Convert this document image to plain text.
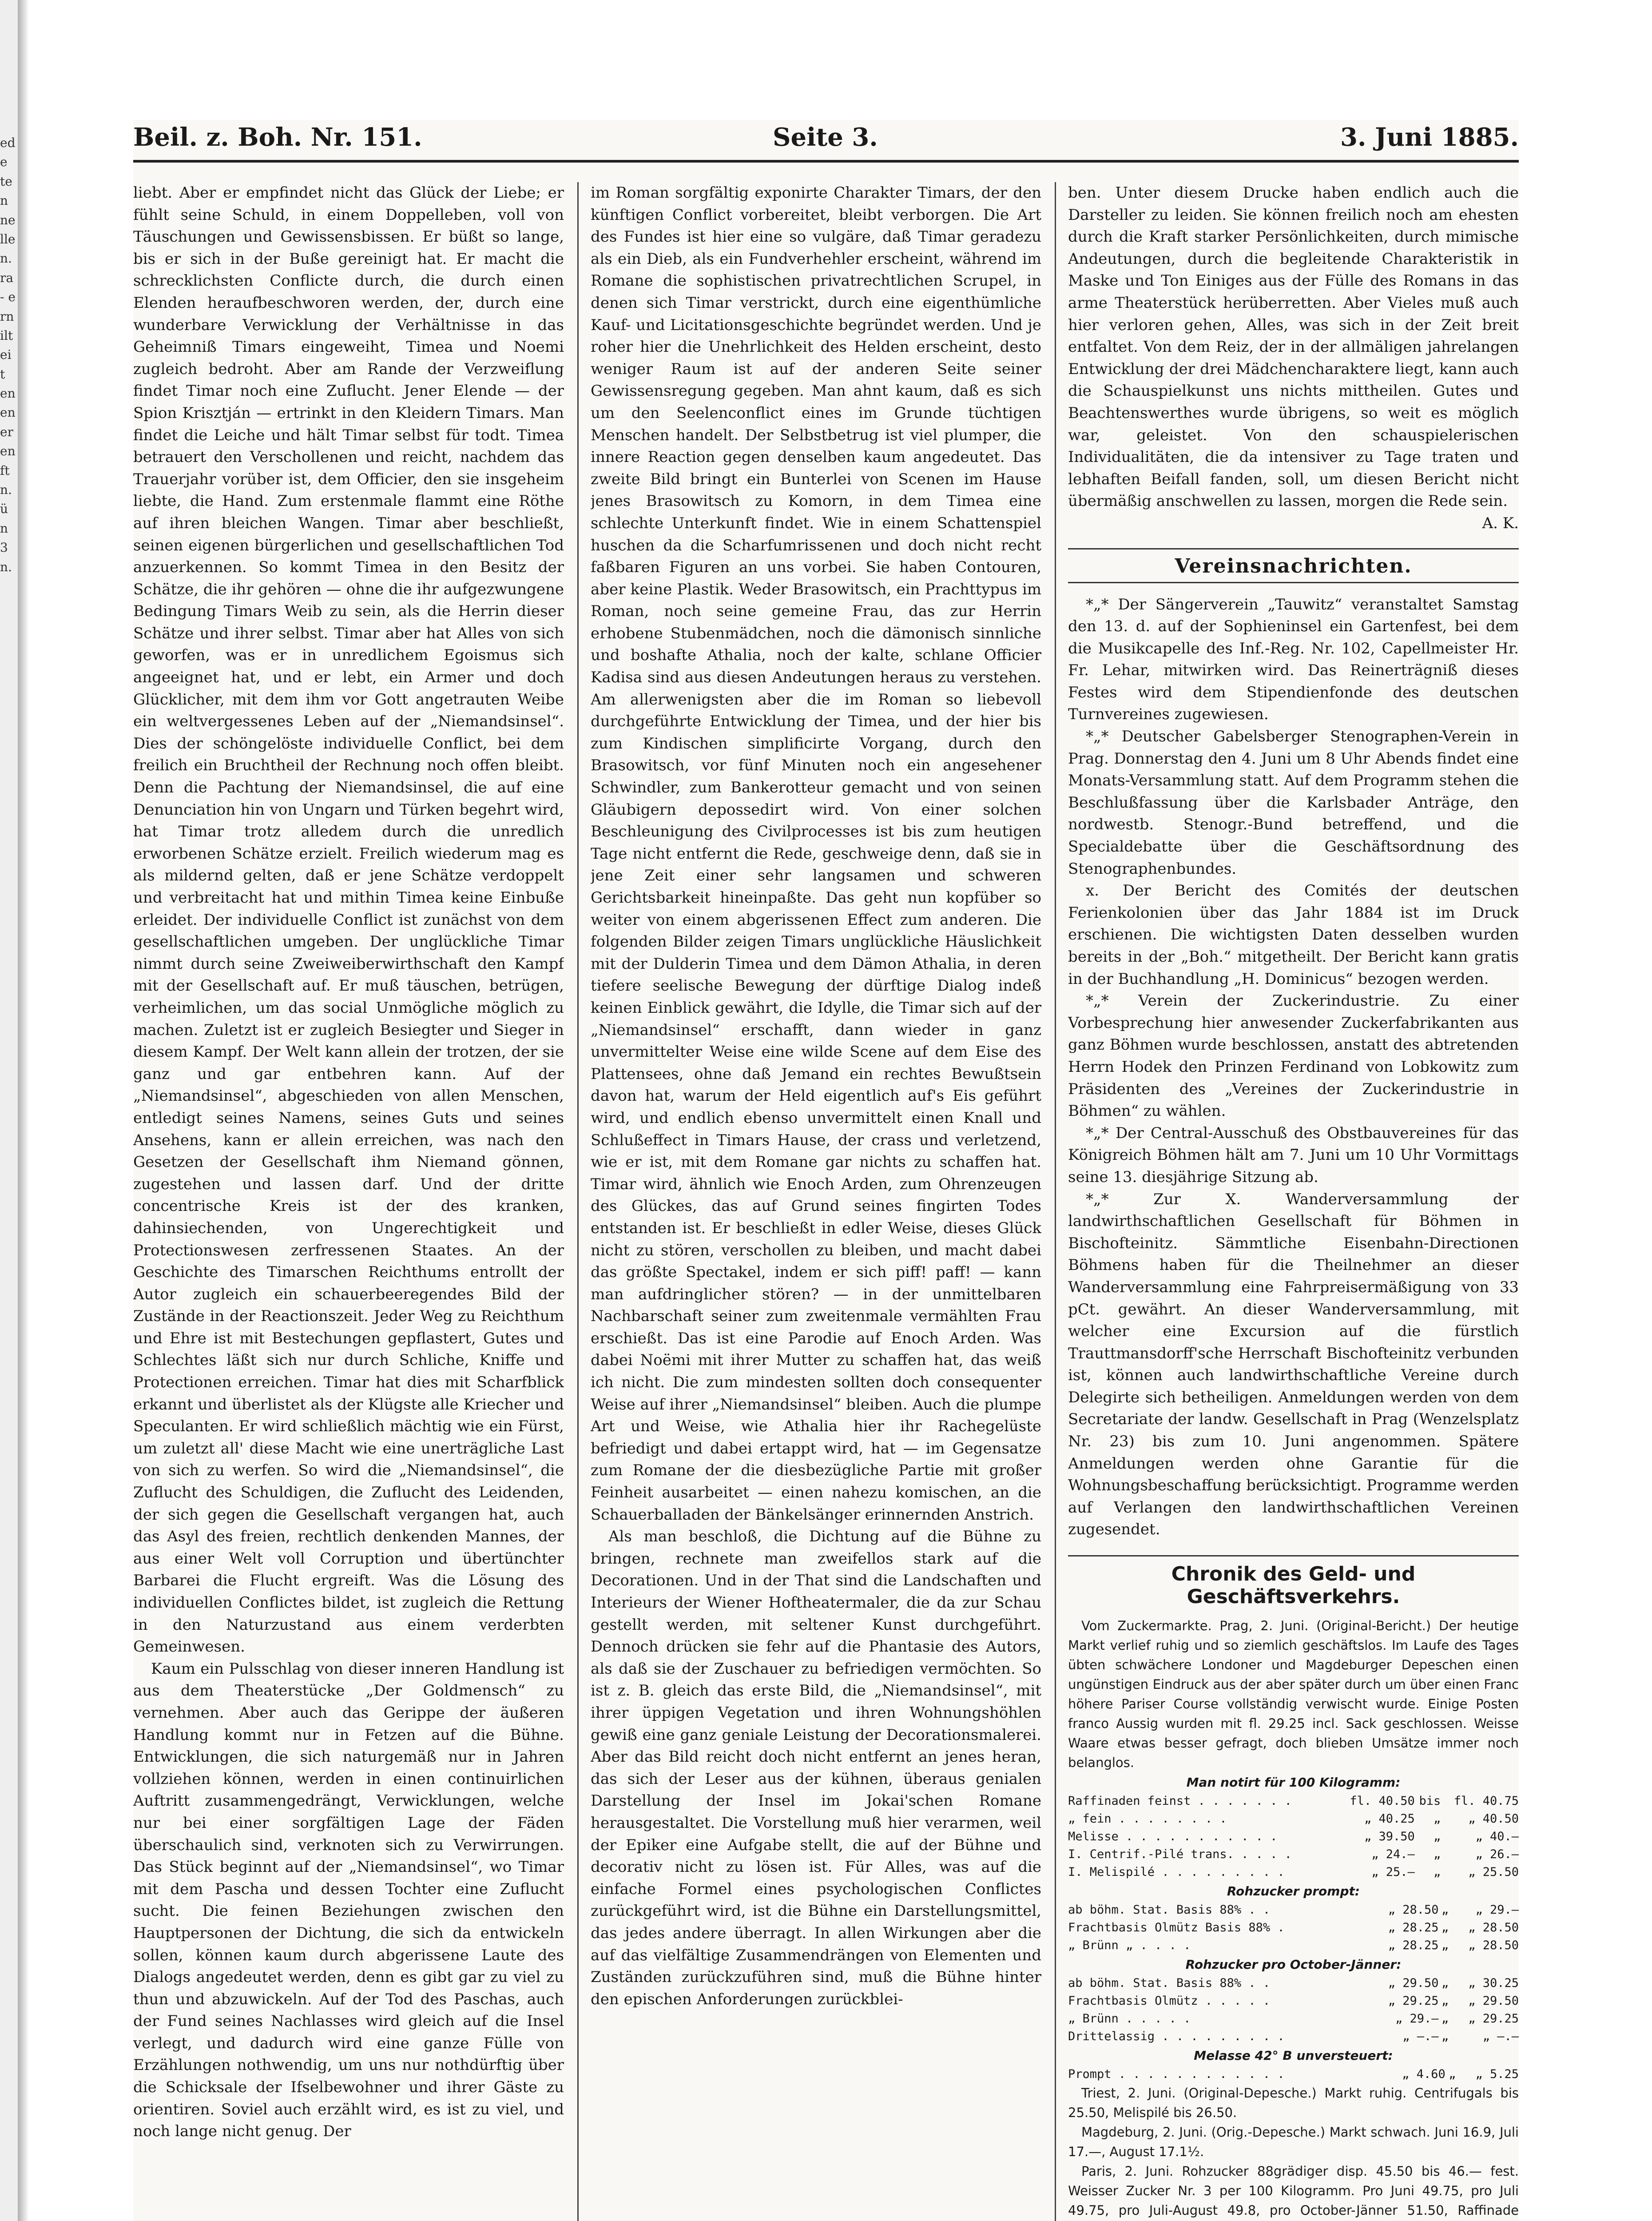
ede ten ne lle n. ra- ern ilt eit en en er en ft n. ü n 3 n.
Beil. z. Boh. Nr. 151.	Seite 3.	3. Juni 1885.

liebt. Aber er empfindet nicht das Glück der Liebe; er fühlt seine Schuld, in einem Doppelleben, voll von Täuschungen und Gewissensbissen. Er büßt so lange, bis er sich in der Buße gereinigt hat. Er macht die schrecklichsten Conflicte durch, die durch einen Elenden heraufbeschworen werden, der, durch eine wunderbare Verwicklung der Verhältnisse in das Geheimniß Timars eingeweiht, Timea und Noemi zugleich bedroht. Aber am Rande der Verzweiflung findet Timar noch eine Zuflucht. Jener Elende — der Spion Krisztján — ertrinkt in den Kleidern Timars. Man findet die Leiche und hält Timar selbst für todt. Timea betrauert den Verschollenen und reicht, nachdem das Trauerjahr vorüber ist, dem Officier, den sie insgeheim liebte, die Hand. Zum erstenmale flammt eine Röthe auf ihren bleichen Wangen. Timar aber beschließt, seinen eigenen bürgerlichen und gesellschaftlichen Tod anzuerkennen. So kommt Timea in den Besitz der Schätze, die ihr gehören — ohne die ihr aufgezwungene Bedingung Timars Weib zu sein, als die Herrin dieser Schätze und ihrer selbst. Timar aber hat Alles von sich geworfen, was er in unredlichem Egoismus sich angeeignet hat, und er lebt, ein Armer und doch Glücklicher, mit dem ihm vor Gott angetrauten Weibe ein weltvergessenes Leben auf der „Niemandsinsel“. Dies der schöngelöste individuelle Conflict, bei dem freilich ein Bruchtheil der Rechnung noch offen bleibt. Denn die Pachtung der Niemandsinsel, die auf eine Denunciation hin von Ungarn und Türken begehrt wird, hat Timar trotz alledem durch die unredlich erworbenen Schätze erzielt. Freilich wiederum mag es als mildernd gelten, daß er jene Schätze verdoppelt und verbreitacht hat und mithin Timea keine Einbuße erleidet. Der individuelle Conflict ist zunächst von dem gesellschaftlichen umgeben. Der unglückliche Timar nimmt durch seine Zweiweiberwirthschaft den Kampf mit der Gesellschaft auf. Er muß täuschen, betrügen, verheimlichen, um das social Unmögliche möglich zu machen. Zuletzt ist er zugleich Besiegter und Sieger in diesem Kampf. Der Welt kann allein der trotzen, der sie ganz und gar entbehren kann. Auf der „Niemandsinsel“, abgeschieden von allen Menschen, entledigt seines Namens, seines Guts und seines Ansehens, kann er allein erreichen, was nach den Gesetzen der Gesellschaft ihm Niemand gönnen, zugestehen und lassen darf. Und der dritte concentrische Kreis ist der des kranken, dahinsiechenden, von Ungerechtigkeit und Protectionswesen zerfressenen Staates. An der Geschichte des Timarschen Reichthums entrollt der Autor zugleich ein schauerbeeregendes Bild der Zustände in der Reactionszeit. Jeder Weg zu Reichthum und Ehre ist mit Bestechungen gepflastert, Gutes und Schlechtes läßt sich nur durch Schliche, Kniffe und Protectionen erreichen. Timar hat dies mit Scharfblick erkannt und überlistet als der Klügste alle Kriecher und Speculanten. Er wird schließlich mächtig wie ein Fürst, um zuletzt all' diese Macht wie eine unerträgliche Last von sich zu werfen. So wird die „Niemandsinsel“, die Zuflucht des Schuldigen, die Zuflucht des Leidenden, der sich gegen die Gesellschaft vergangen hat, auch das Asyl des freien, rechtlich denkenden Mannes, der aus einer Welt voll Corruption und übertünchter Barbarei die Flucht ergreift. Was die Lösung des individuellen Conflictes bildet, ist zugleich die Rettung in den Naturzustand aus einem verderbten Gemeinwesen.

Kaum ein Pulsschlag von dieser inneren Handlung ist aus dem Theaterstücke „Der Goldmensch“ zu vernehmen. Aber auch das Gerippe der äußeren Handlung kommt nur in Fetzen auf die Bühne. Entwicklungen, die sich naturgemäß nur in Jahren vollziehen können, werden in einen continuirlichen Auftritt zusammengedrängt, Verwicklungen, welche nur bei einer sorgfältigen Lage der Fäden überschaulich sind, verknoten sich zu Verwirrungen. Das Stück beginnt auf der „Niemandsinsel“, wo Timar mit dem Pascha und dessen Tochter eine Zuflucht sucht. Die feinen Beziehungen zwischen den Hauptpersonen der Dichtung, die sich da entwickeln sollen, können kaum durch abgerissene Laute des Dialogs angedeutet werden, denn es gibt gar zu viel zu thun und abzuwickeln. Auf der Tod des Paschas, auch der Fund seines Nachlasses wird gleich auf die Insel verlegt, und dadurch wird eine ganze Fülle von Erzählungen nothwendig, um uns nur nothdürftig über die Schicksale der Ifselbewohner und ihrer Gäste zu orientiren. Soviel auch erzählt wird, es ist zu viel, und noch lange nicht genug. Der

im Roman sorgfältig exponirte Charakter Timars, der den künftigen Conflict vorbereitet, bleibt verborgen. Die Art des Fundes ist hier eine so vulgäre, daß Timar geradezu als ein Dieb, als ein Fundverhehler erscheint, während im Romane die sophistischen privatrechtlichen Scrupel, in denen sich Timar verstrickt, durch eine eigenthümliche Kauf- und Licitationsgeschichte begründet werden. Und je roher hier die Unehrlichkeit des Helden erscheint, desto weniger Raum ist auf der anderen Seite seiner Gewissensregung gegeben. Man ahnt kaum, daß es sich um den Seelenconflict eines im Grunde tüchtigen Menschen handelt. Der Selbstbetrug ist viel plumper, die innere Reaction gegen denselben kaum angedeutet. Das zweite Bild bringt ein Bunterlei von Scenen im Hause jenes Brasowitsch zu Komorn, in dem Timea eine schlechte Unterkunft findet. Wie in einem Schattenspiel huschen da die Scharfumrissenen und doch nicht recht faßbaren Figuren an uns vorbei. Sie haben Contouren, aber keine Plastik. Weder Brasowitsch, ein Prachttypus im Roman, noch seine gemeine Frau, das zur Herrin erhobene Stubenmädchen, noch die dämonisch sinnliche und boshafte Athalia, noch der kalte, schlane Officier Kadisa sind aus diesen Andeutungen heraus zu verstehen. Am allerwenigsten aber die im Roman so liebevoll durchgeführte Entwicklung der Timea, und der hier bis zum Kindischen simplificirte Vorgang, durch den Brasowitsch, vor fünf Minuten noch ein angesehener Schwindler, zum Bankerotteur gemacht und von seinen Gläubigern depossedirt wird. Von einer solchen Beschleunigung des Civilprocesses ist bis zum heutigen Tage nicht entfernt die Rede, geschweige denn, daß sie in jene Zeit einer sehr langsamen und schweren Gerichtsbarkeit hineinpaßte. Das geht nun kopfüber so weiter von einem abgerissenen Effect zum anderen. Die folgenden Bilder zeigen Timars unglückliche Häuslichkeit mit der Dulderin Timea und dem Dämon Athalia, in deren tiefere seelische Bewegung der dürftige Dialog indeß keinen Einblick gewährt, die Idylle, die Timar sich auf der „Niemandsinsel“ erschafft, dann wieder in ganz unvermittelter Weise eine wilde Scene auf dem Eise des Plattensees, ohne daß Jemand ein rechtes Bewußtsein davon hat, warum der Held eigentlich auf's Eis geführt wird, und endlich ebenso unvermittelt einen Knall und Schlußeffect in Timars Hause, der crass und verletzend, wie er ist, mit dem Romane gar nichts zu schaffen hat. Timar wird, ähnlich wie Enoch Arden, zum Ohrenzeugen des Glückes, das auf Grund seines fingirten Todes entstanden ist. Er beschließt in edler Weise, dieses Glück nicht zu stören, verschollen zu bleiben, und macht dabei das größte Spectakel, indem er sich piff! paff! — kann man aufdringlicher stören? — in der unmittelbaren Nachbarschaft seiner zum zweitenmale vermählten Frau erschießt. Das ist eine Parodie auf Enoch Arden. Was dabei Noëmi mit ihrer Mutter zu schaffen hat, das weiß ich nicht. Die zum mindesten sollten doch consequenter Weise auf ihrer „Niemandsinsel“ bleiben. Auch die plumpe Art und Weise, wie Athalia hier ihr Rachegelüste befriedigt und dabei ertappt wird, hat — im Gegensatze zum Romane der die diesbezügliche Partie mit großer Feinheit ausarbeitet — einen nahezu komischen, an die Schauerballaden der Bänkelsänger erinnernden Anstrich.

Als man beschloß, die Dichtung auf die Bühne zu bringen, rechnete man zweifellos stark auf die Decorationen. Und in der That sind die Landschaften und Interieurs der Wiener Hoftheatermaler, die da zur Schau gestellt werden, mit seltener Kunst durchgeführt. Dennoch drücken sie fehr auf die Phantasie des Autors, als daß sie der Zuschauer zu befriedigen vermöchten. So ist z. B. gleich das erste Bild, die „Niemandsinsel“, mit ihrer üppigen Vegetation und ihren Wohnungshöhlen gewiß eine ganz geniale Leistung der Decorationsmalerei. Aber das Bild reicht doch nicht entfernt an jenes heran, das sich der Leser aus der kühnen, überaus genialen Darstellung der Insel im Jokai'schen Romane herausgestaltet. Die Vorstellung muß hier verarmen, weil der Epiker eine Aufgabe stellt, die auf der Bühne und decorativ nicht zu lösen ist. Für Alles, was auf die einfache Formel eines psychologischen Conflictes zurückgeführt wird, ist die Bühne ein Darstellungsmittel, das jedes andere überragt. In allen Wirkungen aber die auf das vielfältige Zusammendrängen von Elementen und Zuständen zurückzuführen sind, muß die Bühne hinter den epischen Anforderungen zurückblei-

ben. Unter diesem Drucke haben endlich auch die Darsteller zu leiden. Sie können freilich noch am ehesten durch die Kraft starker Persönlichkeiten, durch mimische Andeutungen, durch die begleitende Charakteristik in Maske und Ton Einiges aus der Fülle des Romans in das arme Theaterstück herüberretten. Aber Vieles muß auch hier verloren gehen, Alles, was sich in der Zeit breit entfaltet. Von dem Reiz, der in der allmäligen jahrelangen Entwicklung der drei Mädchencharaktere liegt, kann auch die Schauspielkunst uns nichts mittheilen. Gutes und Beachtenswerthes wurde übrigens, so weit es möglich war, geleistet. Von den schauspielerischen Individualitäten, die da intensiver zu Tage traten und lebhaften Beifall fanden, soll, um diesen Bericht nicht übermäßig anschwellen zu lassen, morgen die Rede sein.

A. K.

Vereinsnachrichten.

*„* Der Sängerverein „Tauwitz“ veranstaltet Samstag den 13. d. auf der Sophieninsel ein Gartenfest, bei dem die Musikcapelle des Inf.-Reg. Nr. 102, Capellmeister Hr. Fr. Lehar, mitwirken wird. Das Reinerträgniß dieses Festes wird dem Stipendienfonde des deutschen Turnvereines zugewiesen.

*„* Deutscher Gabelsberger Stenographen-Verein in Prag. Donnerstag den 4. Juni um 8 Uhr Abends findet eine Monats-Versammlung statt. Auf dem Programm stehen die Beschlußfassung über die Karlsbader Anträge, den nordwestb. Stenogr.-Bund betreffend, und die Specialdebatte über die Geschäftsordnung des Stenographenbundes.

x. Der Bericht des Comités der deutschen Ferienkolonien über das Jahr 1884 ist im Druck erschienen. Die wichtigsten Daten desselben wurden bereits in der „Boh.“ mitgetheilt. Der Bericht kann gratis in der Buchhandlung „H. Dominicus“ bezogen werden.

*„* Verein der Zuckerindustrie. Zu einer Vorbesprechung hier anwesender Zuckerfabrikanten aus ganz Böhmen wurde beschlossen, anstatt des abtretenden Herrn Hodek den Prinzen Ferdinand von Lobkowitz zum Präsidenten des „Vereines der Zuckerindustrie in Böhmen“ zu wählen.

*„* Der Central-Ausschuß des Obstbauvereines für das Königreich Böhmen hält am 7. Juni um 10 Uhr Vormittags seine 13. diesjährige Sitzung ab.

*„* Zur X. Wanderversammlung der landwirthschaftlichen Gesellschaft für Böhmen in Bischofteinitz. Sämmtliche Eisenbahn-Directionen Böhmens haben für die Theilnehmer an dieser Wanderversammlung eine Fahrpreisermäßigung von 33 pCt. gewährt. An dieser Wanderversammlung, mit welcher eine Excursion auf die fürstlich Trauttmansdorff'sche Herrschaft Bischofteinitz verbunden ist, können auch landwirthschaftliche Vereine durch Delegirte sich betheiligen. Anmeldungen werden von dem Secretariate der landw. Gesellschaft in Prag (Wenzelsplatz Nr. 23) bis zum 10. Juni angenommen. Spätere Anmeldungen werden ohne Garantie für die Wohnungsbeschaffung berücksichtigt. Programme werden auf Verlangen den landwirthschaftlichen Vereinen zugesendet.

Chronik des Geld- und Geschäftsverkehrs.

Vom Zuckermarkte. Prag, 2. Juni. (Original-Bericht.) Der heutige Markt verlief ruhig und so ziemlich geschäftslos. Im Laufe des Tages übten schwächere Londoner und Magdeburger Depeschen einen ungünstigen Eindruck aus der aber später durch um über einen Franc höhere Pariser Course vollständig verwischt wurde. Einige Posten franco Aussig wurden mit fl. 29.25 incl. Sack geschlossen. Weisse Waare etwas besser gefragt, doch blieben Umsätze immer noch belanglos.

Man notirt für 100 Kilogramm:
Raffinaden feinst . . . . . . .	fl. 40.50	bis	fl. 40.75
„ fein . . . . . . . .	„ 40.25	„	„ 40.50
Melisse . . . . . . . . . . .	„ 39.50	„	„ 40.—
I. Centrif.-Pilé trans. . . . .	„ 24.—	„	„ 26.—
I. Melispilé . . . . . . . . .	„ 25.—	„	„ 25.50
Rohzucker prompt:
ab böhm. Stat. Basis 88% . .	„ 28.50	„	„ 29.—
Frachtbasis Olmütz Basis 88% .	„ 28.25	„	„ 28.50
„ Brünn „ . . . .	„ 28.25	„	„ 28.50
Rohzucker pro October-Jänner:
ab böhm. Stat. Basis 88% . .	„ 29.50	„	„ 30.25
Frachtbasis Olmütz . . . . .	„ 29.25	„	„ 29.50
„ Brünn . . . . .	„ 29.—	„	„ 29.25
Drittelassig . . . . . . . . .	„ —.—	„	„ —.—
Melasse 42° B unversteuert:
Prompt . . . . . . . . . . . .	„ 4.60	„	„ 5.25

Triest, 2. Juni. (Original-Depesche.) Markt ruhig. Centrifugals bis 25.50, Melispilé bis 26.50.

Magdeburg, 2. Juni. (Orig.-Depesche.) Markt schwach. Juni 16.9, Juli 17.—, August 17.1½.

Paris, 2. Juni. Rohzucker 88grädiger disp. 45.50 bis 46.— fest. Weisser Zucker Nr. 3 per 100 Kilogramm. Pro Juni 49.75, pro Juli 49.75, pro Juli-August 49.8, pro October-Jänner 51.50, Raffinade
